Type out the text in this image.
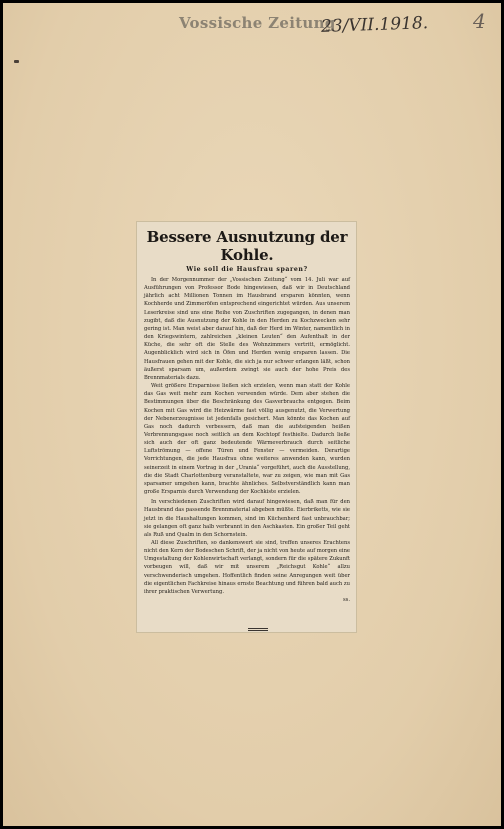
Vossische Zeitung
23/VII.1918. 4
Bessere Ausnutzung der Kohle.
Wie soll die Hausfrau sparen?

In der Morgennummer der „Vossischen Zeitung“ vom 14. Juli war auf Ausführungen von Professor Bode hingewiesen, daß wir in Deutschland jährlich acht Millionen Tonnen im Hausbrand ersparen könnten, wenn Kochherde und Zimmeröfen entsprechend eingerichtet würden. Aus unserem Leserkreise sind uns eine Reihe von Zuschriften zugegangen, in denen man zugibt, daß die Ausnutzung der Kohle in den Herden zu Kochzwecken sehr gering ist. Man weist aber darauf hin, daß der Herd im Winter, namentlich in den Kriegswintern, zahlreichen „kleinen Leuten“ den Aufenthalt in der Küche, die sehr oft die Stelle des Wohnzimmers vertritt, ermöglicht. Augenblicklich wird sich in Öfen und Herden wenig ersparen lassen. Die Hausfrauen gehen mit der Kohle, die sich ja nur schwer erlangen läßt, schon äußerst sparsam um, außerdem zwingt sie auch der hohe Preis des Brennmaterials dazu.

Weit größere Ersparnisse ließen sich erzielen, wenn man statt der Kohle das Gas weit mehr zum Kochen verwenden würde. Dem aber stehen die Bestimmungen über die Beschränkung des Gasverbrauchs entgegen. Beim Kochen mit Gas wird die Heizwärme fast völlig ausgenutzt, die Verwertung der Nebenerzeugnisse ist jedenfalls gesichert. Man könnte das Kochen auf Gas noch dadurch verbessern, daß man die aufsteigenden heißen Verbrennungsgase noch seitlich an dem Kochtopf festhielte. Dadurch ließe sich auch der oft ganz bedeutende Wärmeverbrauch durch seitliche Luftströmung — offene Türen und Fenster — vermeiden. Derartige Vorrichtungen, die jede Hausfrau ohne weiteres anwenden kann, wurden seinerzeit in einem Vortrag in der „Urania“ vorgeführt, auch die Ausstellung, die die Stadt Charlottenburg veranstaltete, war zu zeigen, wie man mit Gas sparsamer umgehen kann, brachte ähnliches. Selbstverständlich kann man große Ersparnis durch Verwendung der Kochkiste erzielen.

In verschiedenen Zuschriften wird darauf hingewiesen, daß man für den Hausbrand das passende Brennmaterial abgeben müßte. Eierbriketts, wie sie jetzt in die Haushaltungen kommen, sind im Küchenherd fast unbrauchbar; sie gelangen oft ganz halb verbrannt in den Aschkasten. Ein großer Teil geht als Ruß und Qualm in den Schornstein.

All diese Zuschriften, so dankenswert sie sind, treffen unseres Erachtens nicht den Kern der Bodeschen Schrift, der ja nicht von heute auf morgen eine Umgestaltung der Kohlenwirtschaft verlangt, sondern für die spätere Zukunft vorbeugen will, daß wir mit unserem „Reichsgut Kohle“ allzu verschwenderisch umgehen. Hoffentlich finden seine Anregungen weit über die eigentlichen Fachkreise hinaus ernste Beachtung und führen bald auch zu ihrer praktischen Verwertung.

ss.
